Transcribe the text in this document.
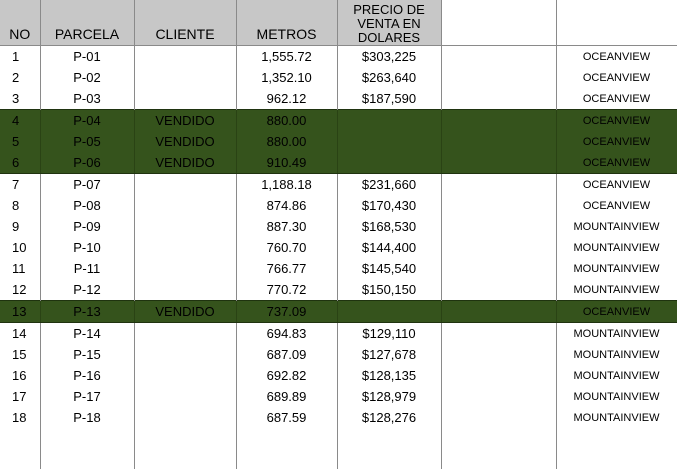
NO	PARCELA	CLIENTE	METROS	PRECIO DE VENTA EN DOLARES		
1	P-01		1,555.72	$303,225		OCEANVIEW
2	P-02		1,352.10	$263,640		OCEANVIEW
3	P-03		962.12	$187,590		OCEANVIEW
4	P-04	VENDIDO	880.00			OCEANVIEW
5	P-05	VENDIDO	880.00			OCEANVIEW
6	P-06	VENDIDO	910.49			OCEANVIEW
7	P-07		1,188.18	$231,660		OCEANVIEW
8	P-08		874.86	$170,430		OCEANVIEW
9	P-09		887.30	$168,530		MOUNTAINVIEW
10	P-10		760.70	$144,400		MOUNTAINVIEW
11	P-11		766.77	$145,540		MOUNTAINVIEW
12	P-12		770.72	$150,150		MOUNTAINVIEW
13	P-13	VENDIDO	737.09			OCEANVIEW
14	P-14		694.83	$129,110		MOUNTAINVIEW
15	P-15		687.09	$127,678		MOUNTAINVIEW
16	P-16		692.82	$128,135		MOUNTAINVIEW
17	P-17		689.89	$128,979		MOUNTAINVIEW
18	P-18		687.59	$128,276		MOUNTAINVIEW
